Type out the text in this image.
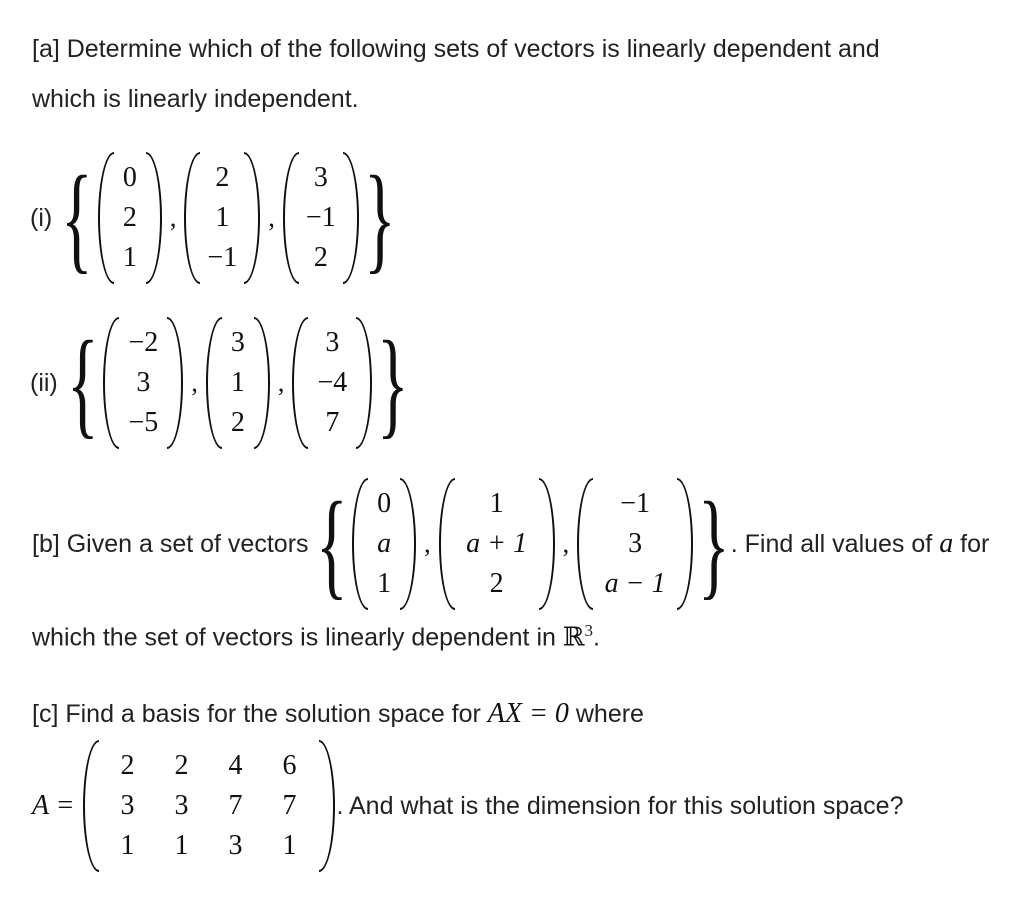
[a] Determine which of the following sets of vectors is linearly dependent and
which is linearly independent.
(i) { 0
2
1
,
2
1
−1
,
3
−1
2 }
(ii) { −2
3
−5
,
3
1
2
,
3
−4
7 }
[b] Given a set of vectors { 0
a
1
,
1
a + 1
2
,
−1
3
a − 1 } . Find all values of a for
which the set of vectors is linearly dependent in ℝ$^3$.
[c] Find a basis for the solution space for AX = 0 where
A =
2	2	4	6
3	3	7	7
1	1	3	1
. And what is the dimension for this solution space?
